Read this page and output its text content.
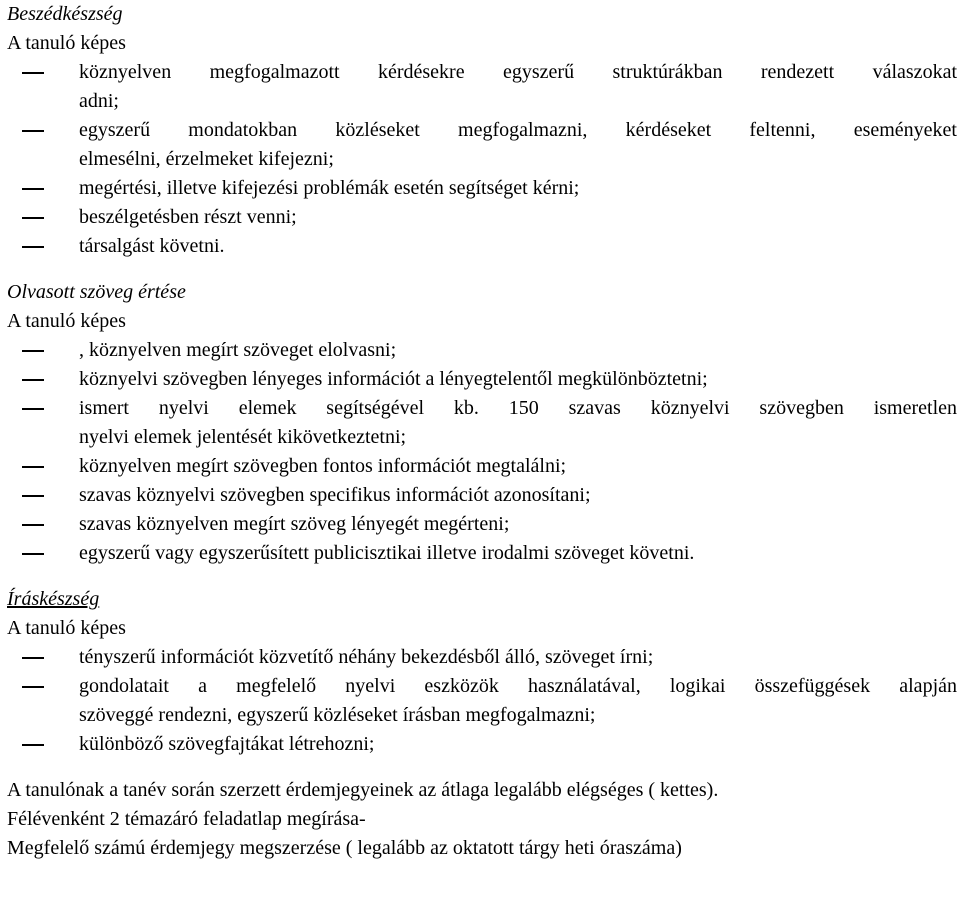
Beszédkészség
A tanuló képes
köznyelven megfogalmazott kérdésekre egyszerű struktúrákban rendezett válaszokat
adni;
egyszerű mondatokban közléseket megfogalmazni, kérdéseket feltenni, eseményeket
elmesélni, érzelmeket kifejezni;
megértési, illetve kifejezési problémák esetén segítséget kérni;
beszélgetésben részt venni;
társalgást követni.
Olvasott szöveg értése
A tanuló képes
, köznyelven megírt szöveget elolvasni;
köznyelvi szövegben lényeges információt a lényegtelentől megkülönböztetni;
ismert nyelvi elemek segítségével kb. 150 szavas köznyelvi szövegben ismeretlen
nyelvi elemek jelentését kikövetkeztetni;
köznyelven megírt szövegben fontos információt megtalálni;
szavas köznyelvi szövegben specifikus információt azonosítani;
szavas köznyelven megírt szöveg lényegét megérteni;
egyszerű vagy egyszerűsített publicisztikai illetve irodalmi szöveget követni.
Íráskészség
A tanuló képes
tényszerű információt közvetítő néhány bekezdésből álló, szöveget írni;
gondolatait a megfelelő nyelvi eszközök használatával, logikai összefüggések alapján
szöveggé rendezni, egyszerű közléseket írásban megfogalmazni;
különböző szövegfajtákat létrehozni;
A tanulónak a tanév során szerzett érdemjegyeinek az átlaga legalább elégséges ( kettes).
Félévenként 2 témazáró feladatlap megírása-
Megfelelő számú érdemjegy megszerzése ( legalább az oktatott tárgy heti óraszáma)
